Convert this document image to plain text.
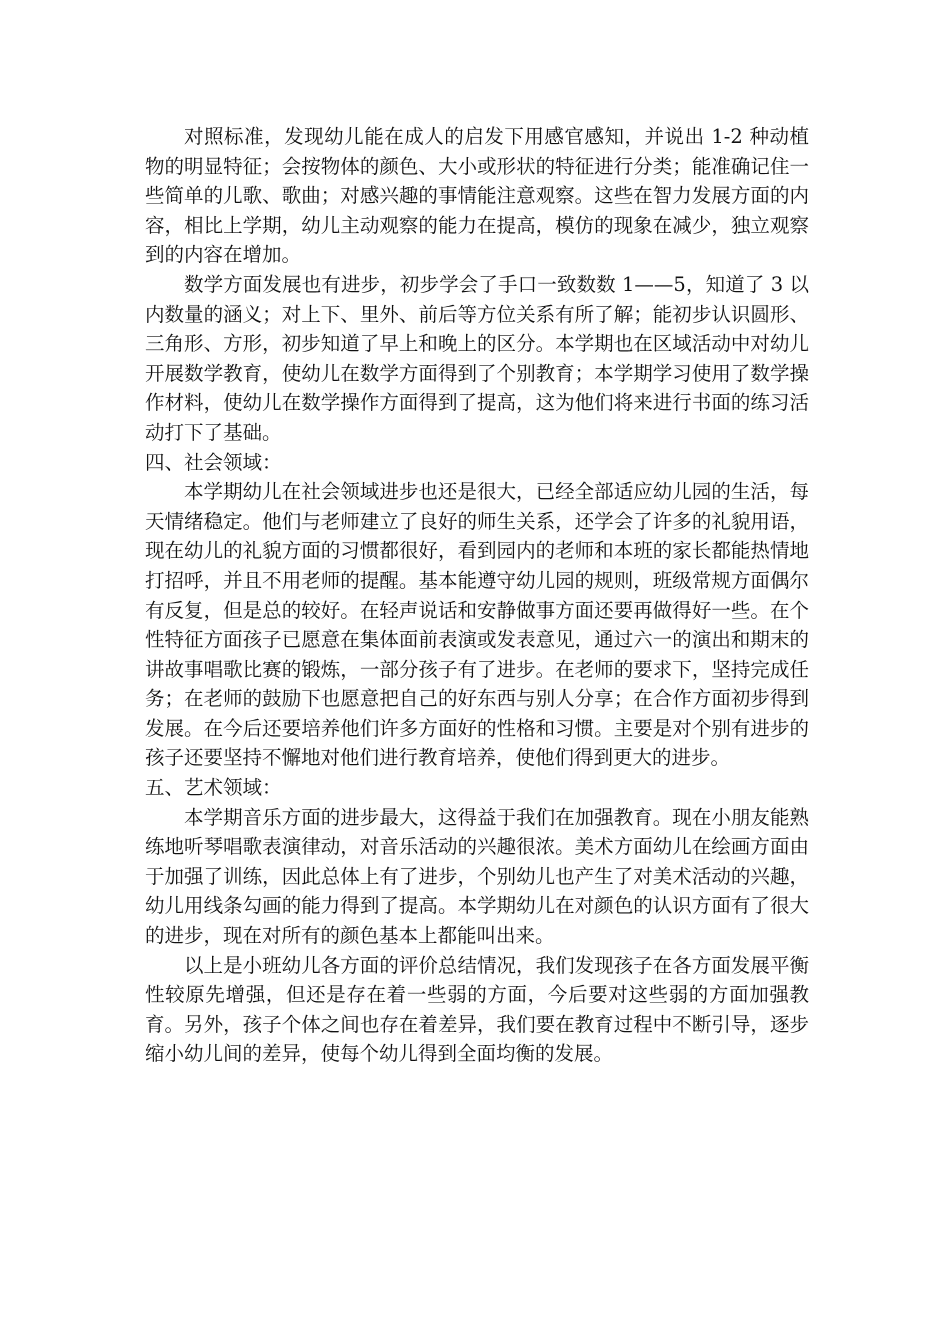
对照标准，发现幼儿能在成人的启发下用感官感知，并说出 1-2 种动植物的明显特征；会按物体的颜色、大小或形状的特征进行分类；能准确记住一些简单的儿歌、歌曲；对感兴趣的事情能注意观察。这些在智力发展方面的内容，相比上学期，幼儿主动观察的能力在提高，模仿的现象在减少，独立观察到的内容在增加。

数学方面发展也有进步，初步学会了手口一致数数 1——5，知道了 3 以内数量的涵义；对上下、里外、前后等方位关系有所了解；能初步认识圆形、三角形、方形，初步知道了早上和晚上的区分。本学期也在区域活动中对幼儿开展数学教育，使幼儿在数学方面得到了个别教育；本学期学习使用了数学操作材料，使幼儿在数学操作方面得到了提高，这为他们将来进行书面的练习活动打下了基础。

四、社会领域：

本学期幼儿在社会领域进步也还是很大，已经全部适应幼儿园的生活，每天情绪稳定。他们与老师建立了良好的师生关系，还学会了许多的礼貌用语，现在幼儿的礼貌方面的习惯都很好，看到园内的老师和本班的家长都能热情地打招呼，并且不用老师的提醒。基本能遵守幼儿园的规则，班级常规方面偶尔有反复，但是总的较好。在轻声说话和安静做事方面还要再做得好一些。在个性特征方面孩子已愿意在集体面前表演或发表意见，通过六一的演出和期末的讲故事唱歌比赛的锻炼，一部分孩子有了进步。在老师的要求下，坚持完成任务；在老师的鼓励下也愿意把自己的好东西与别人分享；在合作方面初步得到发展。在今后还要培养他们许多方面好的性格和习惯。主要是对个别有进步的孩子还要坚持不懈地对他们进行教育培养，使他们得到更大的进步。

五、艺术领域：

本学期音乐方面的进步最大，这得益于我们在加强教育。现在小朋友能熟练地听琴唱歌表演律动，对音乐活动的兴趣很浓。美术方面幼儿在绘画方面由于加强了训练，因此总体上有了进步，个别幼儿也产生了对美术活动的兴趣，幼儿用线条勾画的能力得到了提高。本学期幼儿在对颜色的认识方面有了很大的进步，现在对所有的颜色基本上都能叫出来。

以上是小班幼儿各方面的评价总结情况，我们发现孩子在各方面发展平衡性较原先增强，但还是存在着一些弱的方面，今后要对这些弱的方面加强教育。另外，孩子个体之间也存在着差异，我们要在教育过程中不断引导，逐步缩小幼儿间的差异，使每个幼儿得到全面均衡的发展。
